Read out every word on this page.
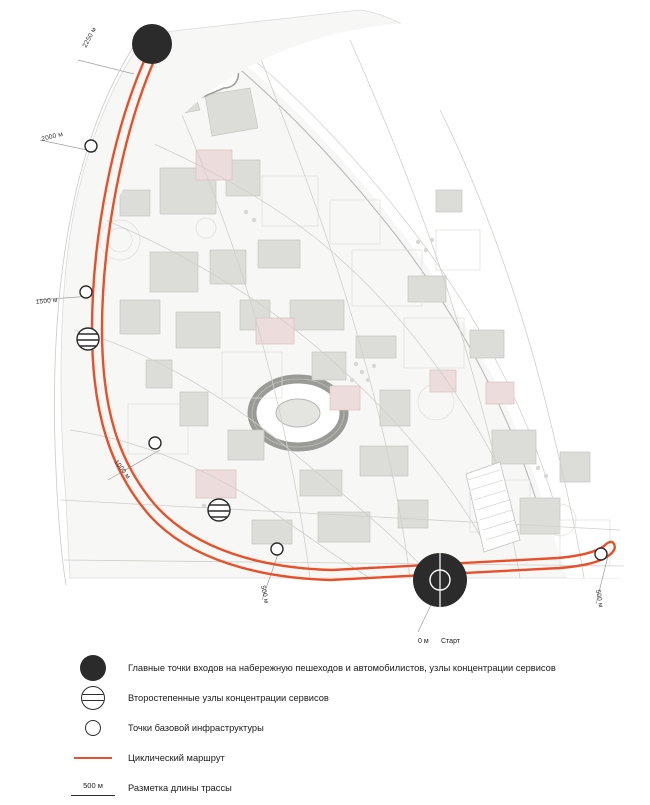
2250 м
2000 м
1500 м
1000 м
500 м	500 м
0 м Старт
Главные точки входов на набережную пешеходов и автомобилистов, узлы концентрации сервисов
Второстепенные узлы концентрации сервисов
Точки базовой инфраструктуры
Циклический маршрут
500 м	Разметка длины трассы
